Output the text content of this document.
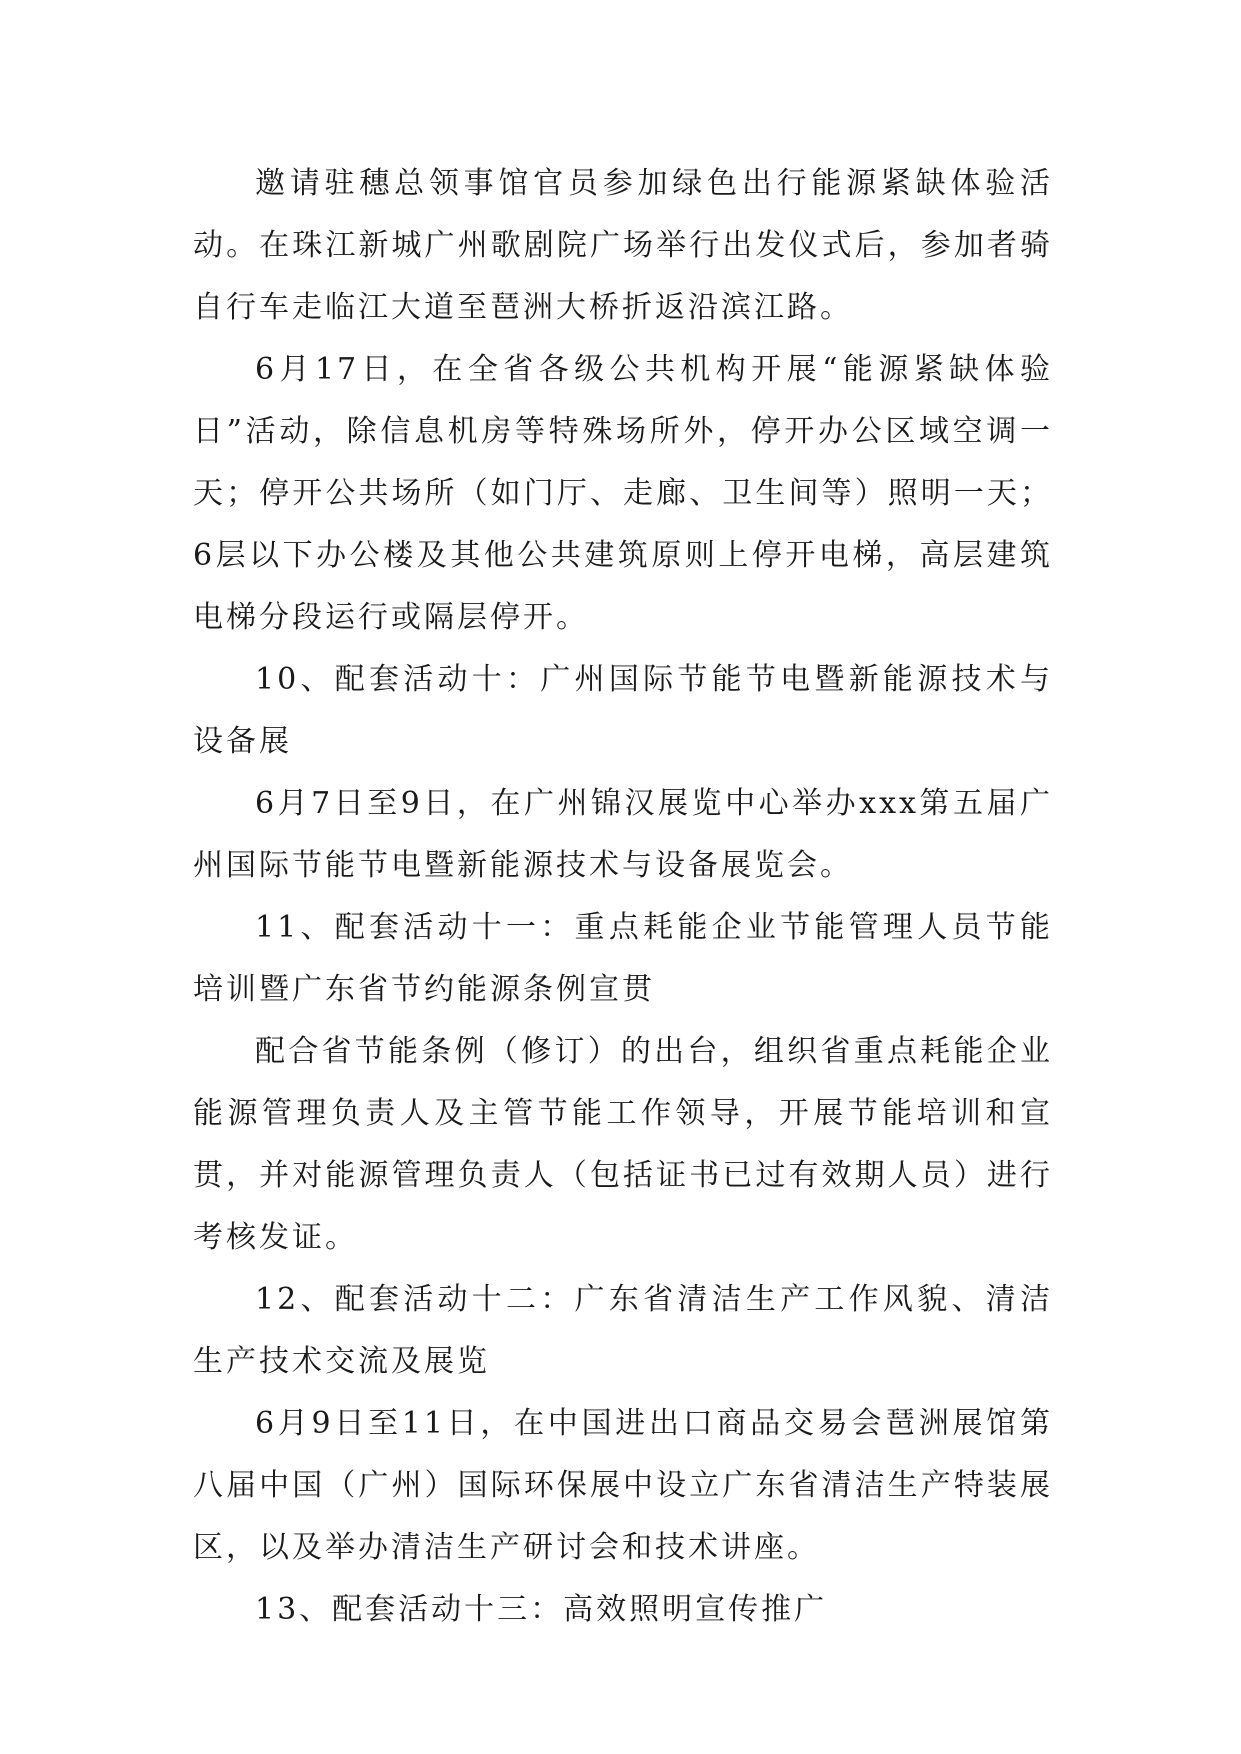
邀请驻穗总领事馆官员参加绿色出行能源紧缺体验活动。在珠江新城广州歌剧院广场举行出发仪式后，参加者骑自行车走临江大道至琶洲大桥折返沿滨江路。

6月17日，在全省各级公共机构开展“能源紧缺体验日”活动，除信息机房等特殊场所外，停开办公区域空调一天；停开公共场所（如门厅、走廊、卫生间等）照明一天；6层以下办公楼及其他公共建筑原则上停开电梯，高层建筑电梯分段运行或隔层停开。

10、配套活动十：广州国际节能节电暨新能源技术与设备展

6月7日至9日，在广州锦汉展览中心举办xxx第五届广州国际节能节电暨新能源技术与设备展览会。

11、配套活动十一：重点耗能企业节能管理人员节能培训暨广东省节约能源条例宣贯

配合省节能条例（修订）的出台，组织省重点耗能企业能源管理负责人及主管节能工作领导，开展节能培训和宣贯，并对能源管理负责人（包括证书已过有效期人员）进行考核发证。

12、配套活动十二：广东省清洁生产工作风貌、清洁生产技术交流及展览

6月9日至11日，在中国进出口商品交易会琶洲展馆第八届中国（广州）国际环保展中设立广东省清洁生产特装展区，以及举办清洁生产研讨会和技术讲座。

13、配套活动十三：高效照明宣传推广
